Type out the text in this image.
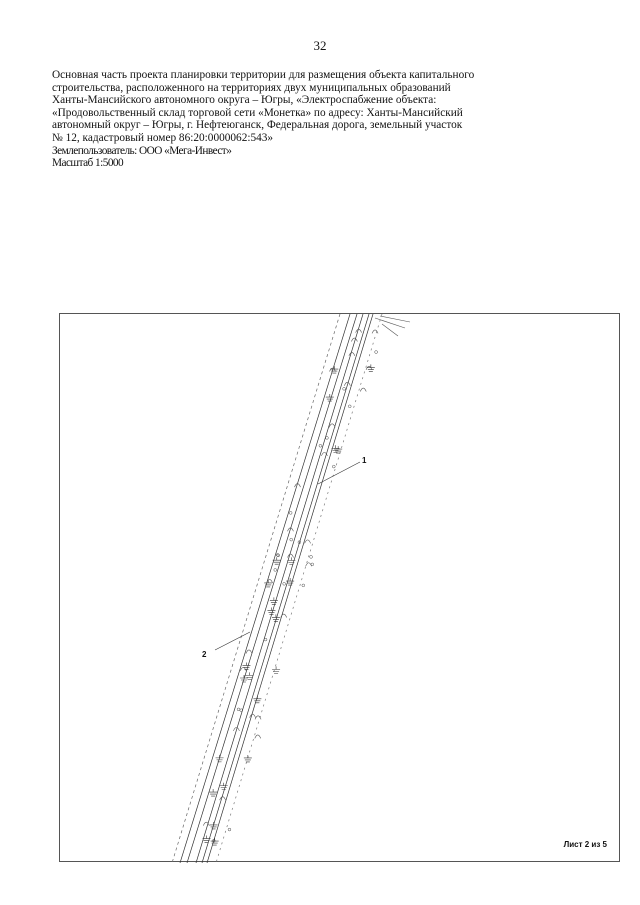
32
Основная часть проекта планировки территории для размещения объекта капитального
строительства, расположенного на территориях двух муниципальных образований
Ханты-Мансийского автономного округа – Югры, «Электроспабжение объекта:
«Продовольственный склад торговой сети «Монетка» по адресу: Ханты-Мансийский
автономный округ – Югры, г. Нефтеюганск, Федеральная дорога, земельный участок
№ 12, кадастровый номер 86:20:0000062:543»
Землепользователь: ООО «Мега-Инвест»
Масштаб 1:5000
1
2
Лист 2 из 5
